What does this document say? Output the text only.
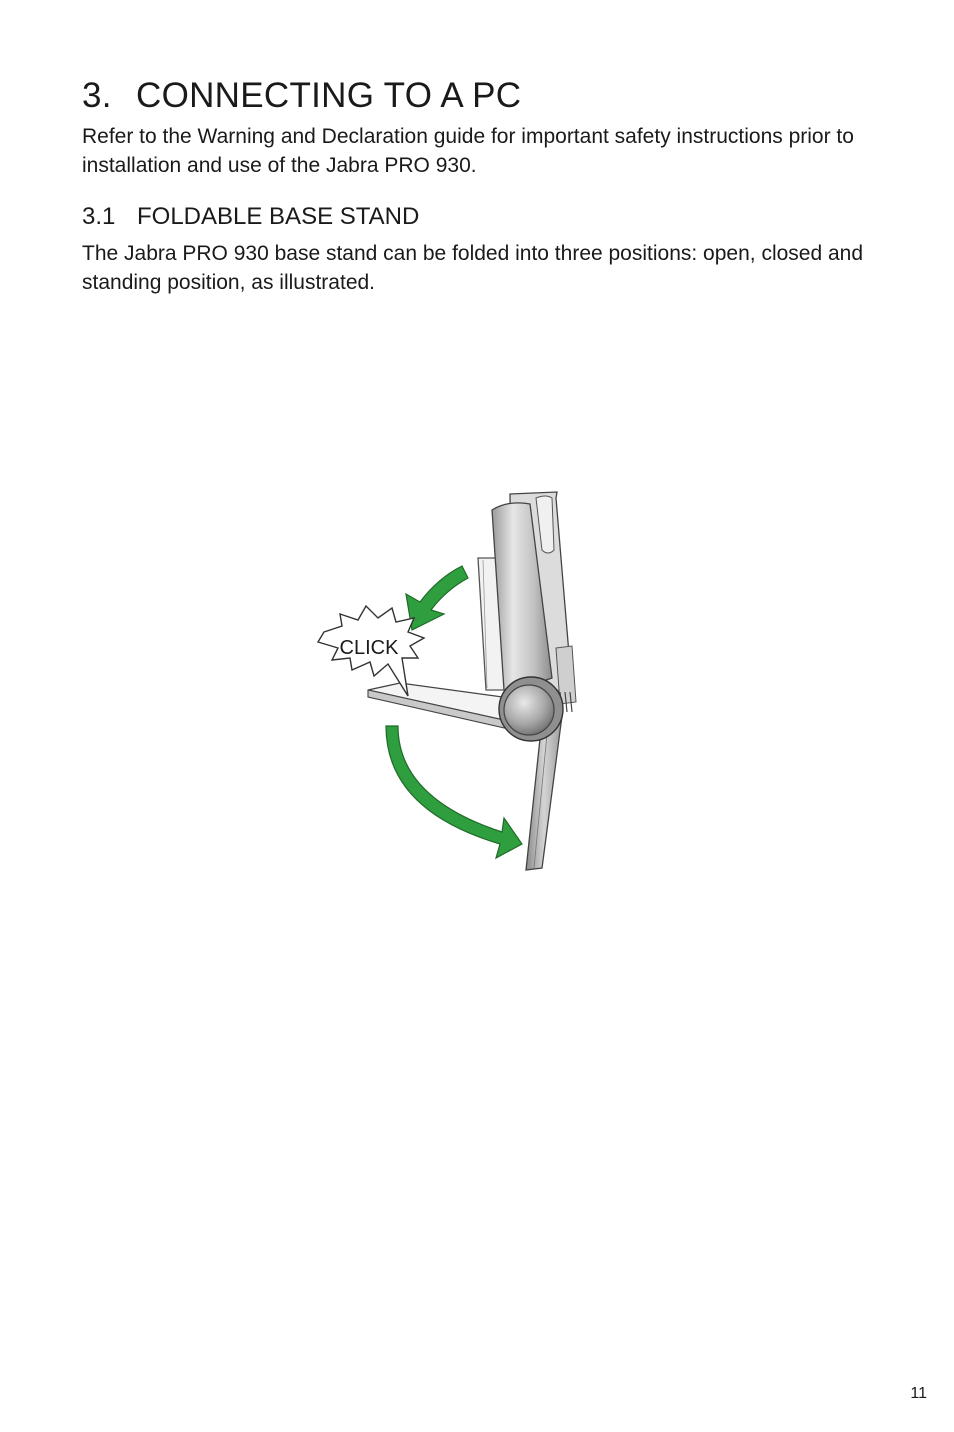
3. CONNECTING TO A PC

Refer to the Warning and Declaration guide for important safety instructions prior to installation and use of the Jabra PRO 930.

3.1 FOLDABLE BASE STAND

The Jabra PRO 930 base stand can be folded into three positions: open, closed and standing position, as illustrated.

CLICK
11
